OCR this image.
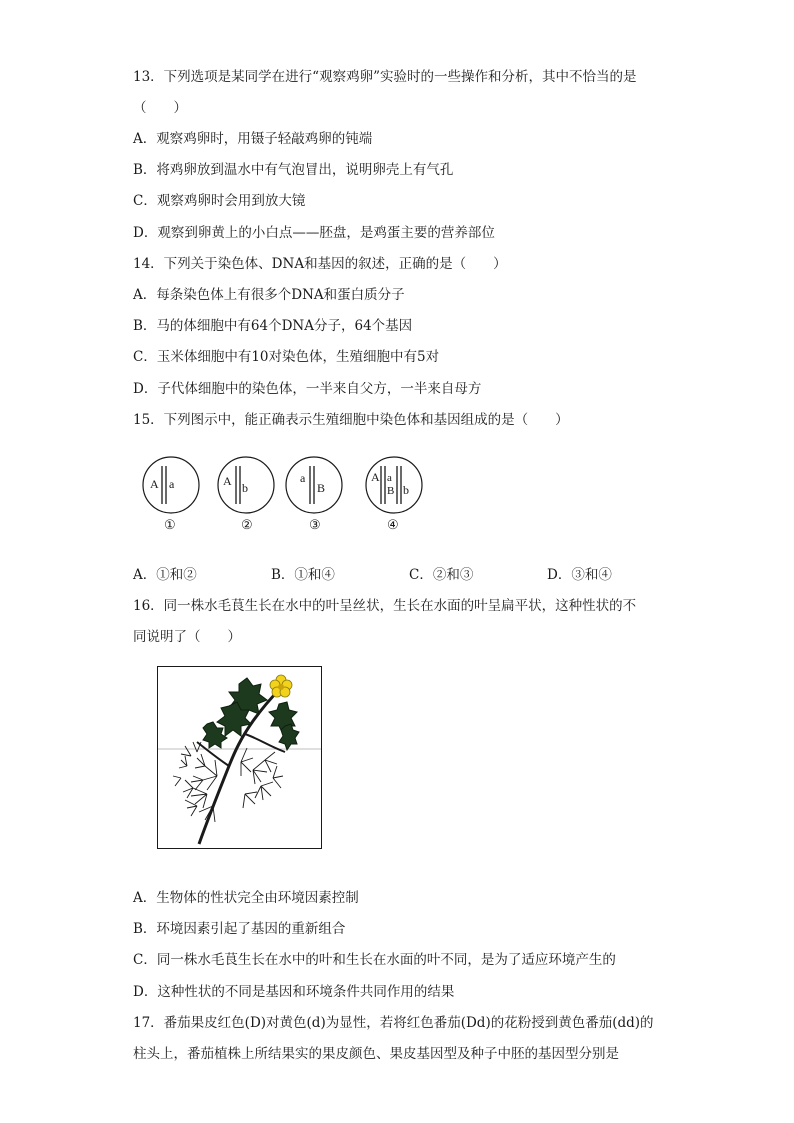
13．下列选项是某同学在进行“观察鸡卵”实验时的一些操作和分析，其中不恰当的是
（　　）
A．观察鸡卵时，用镊子轻敲鸡卵的钝端
B．将鸡卵放到温水中有气泡冒出，说明卵壳上有气孔
C．观察鸡卵时会用到放大镜
D．观察到卵黄上的小白点——胚盘，是鸡蛋主要的营养部位
14．下列关于染色体、DNA和基因的叙述，正确的是（　　）
A．每条染色体上有很多个DNA和蛋白质分子
B．马的体细胞中有64个DNA分子，64个基因
C．玉米体细胞中有10对染色体，生殖细胞中有5对
D．子代体细胞中的染色体，一半来自父方，一半来自母方
15．下列图示中，能正确表示生殖细胞中染色体和基因组成的是（　　）
A a
①
A b
②
a
B
③
A a
B b
④
A．①和②	B．①和④	C．②和③	D．③和④
16．同一株水毛茛生长在水中的叶呈丝状，生长在水面的叶呈扁平状，这种性状的不
同说明了（　　）
A．生物体的性状完全由环境因素控制
B．环境因素引起了基因的重新组合
C．同一株水毛茛生长在水中的叶和生长在水面的叶不同，是为了适应环境产生的
D．这种性状的不同是基因和环境条件共同作用的结果
17．番茄果皮红色(D)对黄色(d)为显性，若将红色番茄(Dd)的花粉授到黄色番茄(dd)的
柱头上，番茄植株上所结果实的果皮颜色、果皮基因型及种子中胚的基因型分别是
